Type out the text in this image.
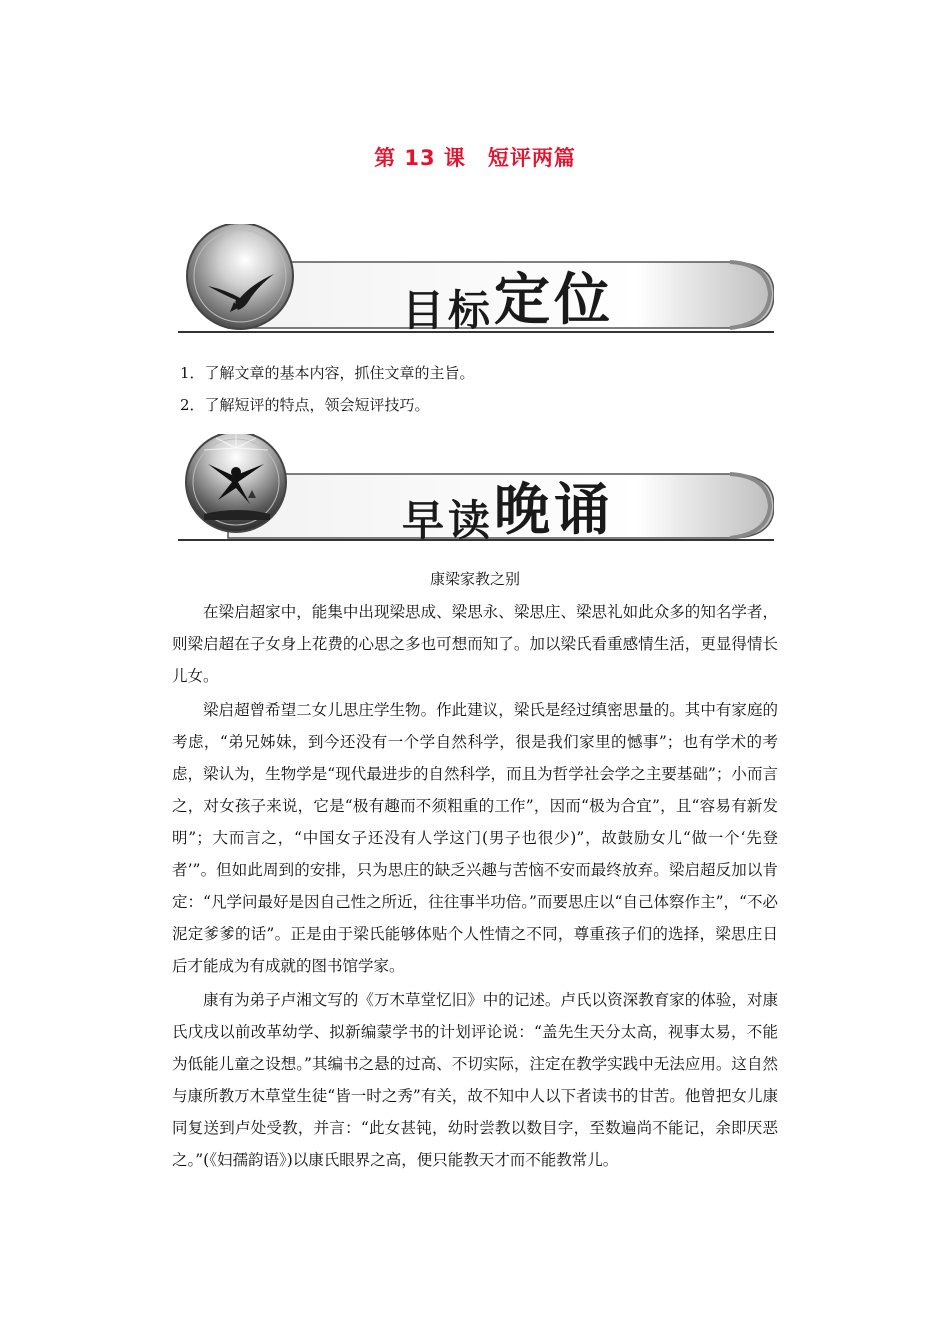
第 13 课 短评两篇
目标定位
1．了解文章的基本内容，抓住文章的主旨。
2．了解短评的特点，领会短评技巧。
早读晚诵
康梁家教之别

在梁启超家中，能集中出现梁思成、梁思永、梁思庄、梁思礼如此众多的知名学者，则梁启超在子女身上花费的心思之多也可想而知了。加以梁氏看重感情生活，更显得情长儿女。

梁启超曾希望二女儿思庄学生物。作此建议，梁氏是经过缜密思量的。其中有家庭的考虑，“弟兄姊妹，到今还没有一个学自然科学，很是我们家里的憾事”；也有学术的考虑，梁认为，生物学是“现代最进步的自然科学，而且为哲学社会学之主要基础”；小而言之，对女孩子来说，它是“极有趣而不须粗重的工作”，因而“极为合宜”，且“容易有新发明”；大而言之，“中国女子还没有人学这门(男子也很少)”，故鼓励女儿“做一个‘先登者’”。但如此周到的安排，只为思庄的缺乏兴趣与苦恼不安而最终放弃。梁启超反加以肯定：“凡学问最好是因自己性之所近，往往事半功倍。”而要思庄以“自己体察作主”，“不必泥定爹爹的话”。正是由于梁氏能够体贴个人性情之不同，尊重孩子们的选择，梁思庄日后才能成为有成就的图书馆学家。

康有为弟子卢湘文写的《万木草堂忆旧》中的记述。卢氏以资深教育家的体验，对康氏戊戌以前改革幼学、拟新编蒙学书的计划评论说：“盖先生天分太高，视事太易，不能为低能儿童之设想。”其编书之悬的过高、不切实际，注定在教学实践中无法应用。这自然与康所教万木草堂生徒“皆一时之秀”有关，故不知中人以下者读书的甘苦。他曾把女儿康同复送到卢处受教，并言：“此女甚钝，幼时尝教以数目字，至数遍尚不能记，余即厌恶之。”(《妇孺韵语》)以康氏眼界之高，便只能教天才而不能教常儿。
